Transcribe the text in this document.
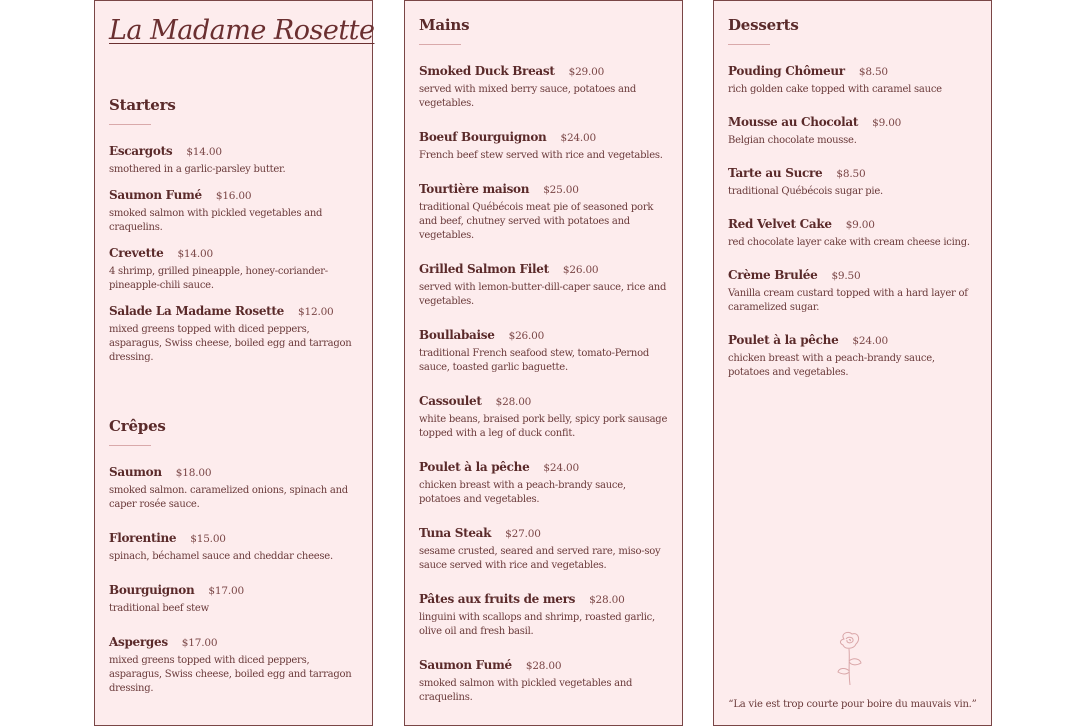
La Madame Rosette
Starters
Escargots $14.00
smothered in a garlic-parsley butter.
Saumon Fumé $16.00
smoked salmon with pickled vegetables and craquelins.
Crevette $14.00
4 shrimp, grilled pineapple, honey-coriander-pineapple-chili sauce.
Salade La Madame Rosette $12.00
mixed greens topped with diced peppers, asparagus, Swiss cheese, boiled egg and tarragon dressing.
Crêpes
Saumon $18.00
smoked salmon. caramelized onions, spinach and caper rosée sauce.
Florentine $15.00
spinach, béchamel sauce and cheddar cheese.
Bourguignon $17.00
traditional beef stew
Asperges $17.00
mixed greens topped with diced peppers, asparagus, Swiss cheese, boiled egg and tarragon dressing.
Mains
Smoked Duck Breast $29.00
served with mixed berry sauce, potatoes and vegetables.
Boeuf Bourguignon $24.00
French beef stew served with rice and vegetables.
Tourtière maison $25.00
traditional Québécois meat pie of seasoned pork and beef, chutney served with potatoes and vegetables.
Grilled Salmon Filet $26.00
served with lemon-butter-dill-caper sauce, rice and vegetables.
Boullabaise $26.00
traditional French seafood stew, tomato-Pernod sauce, toasted garlic baguette.
Cassoulet $28.00
white beans, braised pork belly, spicy pork sausage topped with a leg of duck confit.
Poulet à la pêche $24.00
chicken breast with a peach-brandy sauce, potatoes and vegetables.
Tuna Steak $27.00
sesame crusted, seared and served rare, miso-soy sauce served with rice and vegetables.
Pâtes aux fruits de mers $28.00
linguini with scallops and shrimp, roasted garlic, olive oil and fresh basil.
Saumon Fumé $28.00
smoked salmon with pickled vegetables and craquelins.
Desserts
Pouding Chômeur $8.50
rich golden cake topped with caramel sauce
Mousse au Chocolat $9.00
Belgian chocolate mousse.
Tarte au Sucre $8.50
traditional Québécois sugar pie.
Red Velvet Cake $9.00
red chocolate layer cake with cream cheese icing.
Crème Brulée $9.50
Vanilla cream custard topped with a hard layer of caramelized sugar.
Poulet à la pêche $24.00
chicken breast with a peach-brandy sauce, potatoes and vegetables.
“La vie est trop courte pour boire du mauvais vin.”
